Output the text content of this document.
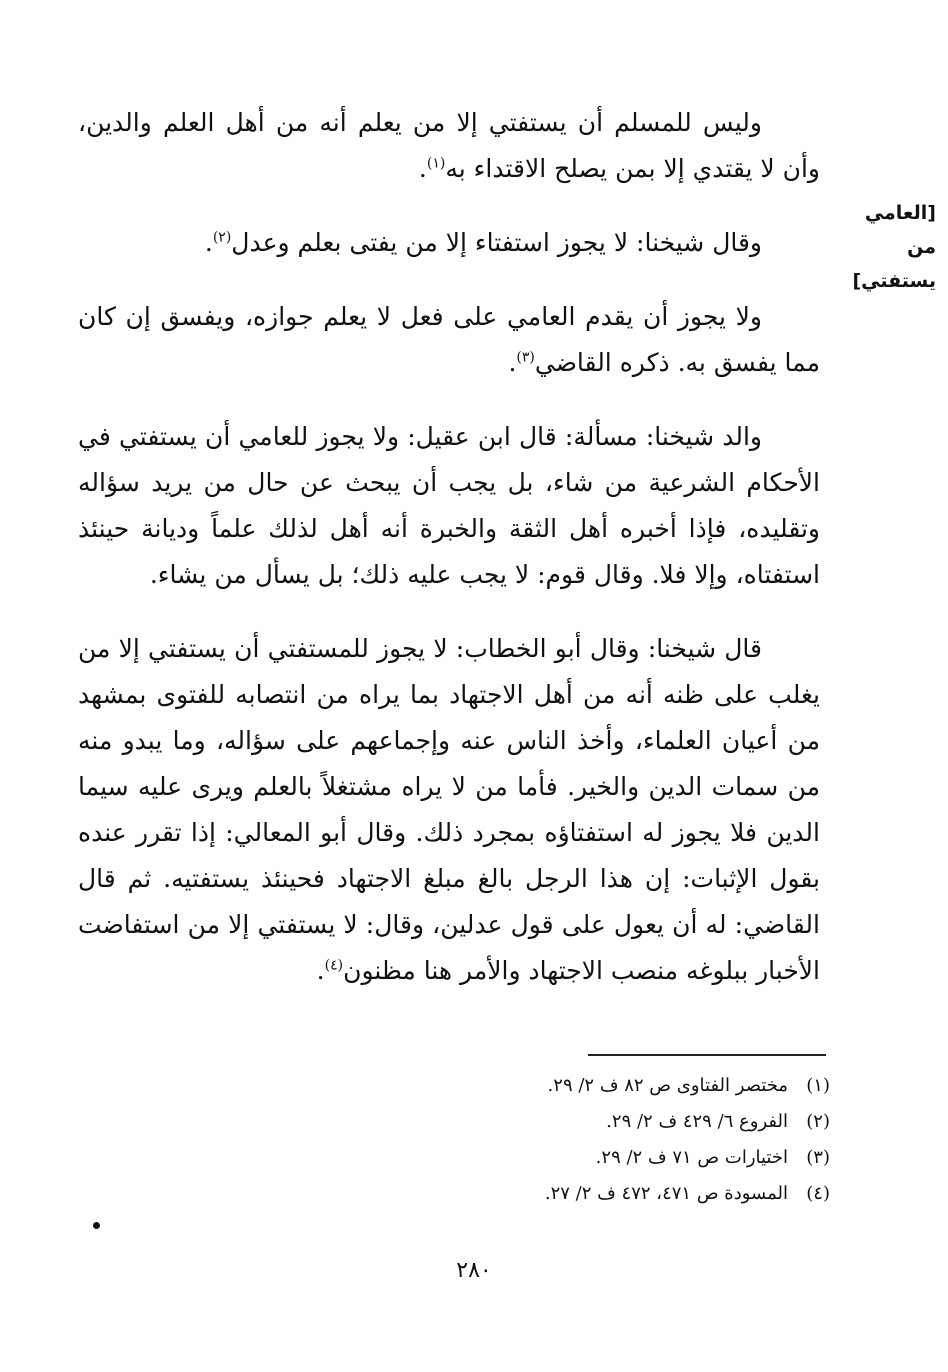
[العامي من
يستفتي]

وليس للمسلم أن يستفتي إلا من يعلم أنه من أهل العلم والدين، وأن لا يقتدي إلا بمن يصلح الاقتداء به$^{(١)}$.

وقال شيخنا: لا يجوز استفتاء إلا من يفتى بعلم وعدل$^{(٢)}$.

ولا يجوز أن يقدم العامي على فعل لا يعلم جوازه، ويفسق إن كان مما يفسق به. ذكره القاضي$^{(٣)}$.

والد شيخنا: مسألة: قال ابن عقيل: ولا يجوز للعامي أن يستفتي في الأحكام الشرعية من شاء، بل يجب أن يبحث عن حال من يريد سؤاله وتقليده، فإذا أخبره أهل الثقة والخبرة أنه أهل لذلك علماً وديانة حينئذ استفتاه، وإلا فلا. وقال قوم: لا يجب عليه ذلك؛ بل يسأل من يشاء.

قال شيخنا: وقال أبو الخطاب: لا يجوز للمستفتي أن يستفتي إلا من يغلب على ظنه أنه من أهل الاجتهاد بما يراه من انتصابه للفتوى بمشهد من أعيان العلماء، وأخذ الناس عنه وإجماعهم على سؤاله، وما يبدو منه من سمات الدين والخير. فأما من لا يراه مشتغلاً بالعلم ويرى عليه سيما الدين فلا يجوز له استفتاؤه بمجرد ذلك. وقال أبو المعالي: إذا تقرر عنده بقول الإثبات: إن هذا الرجل بالغ مبلغ الاجتهاد فحينئذ يستفتيه. ثم قال القاضي: له أن يعول على قول عدلين، وقال: لا يستفتي إلا من استفاضت الأخبار ببلوغه منصب الاجتهاد والأمر هنا مظنون$^{(٤)}$.

(١)
مختصر الفتاوى ص ٨٢ ف ٢/ ٢٩.
(٢)
الفروع ٦/ ٤٢٩ ف ٢/ ٢٩.
(٣)
اختيارات ص ٧١ ف ٢/ ٢٩.
(٤)
المسودة ص ٤٧١، ٤٧٢ ف ٢/ ٢٧.
٢٨٠
